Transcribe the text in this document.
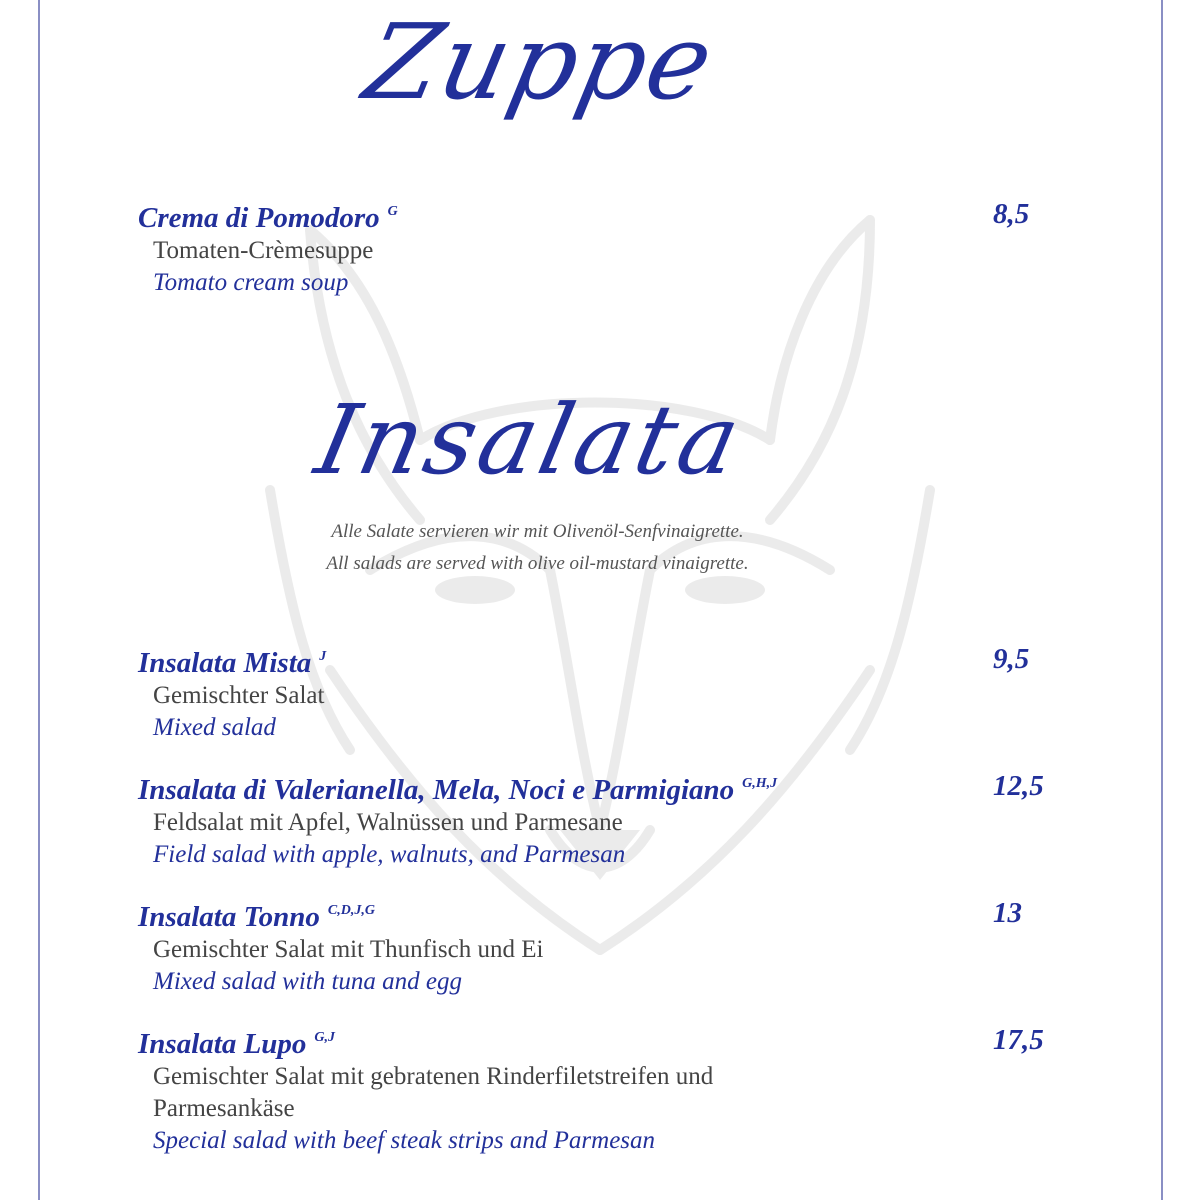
Zuppe
Crema di Pomodoro $^G$
Tomaten-Crèmesuppe
Tomato cream soup
8,5
Insalata
Alle Salate servieren wir mit Olivenöl-Senfvinaigrette.
All salads are served with olive oil-mustard vinaigrette.
Insalata Mista $^J$
Gemischter Salat
Mixed salad
9,5
Insalata di Valerianella, Mela, Noci e Parmigiano $^{G,H,J}$
Feldsalat mit Apfel, Walnüssen und Parmesane
Field salad with apple, walnuts, and Parmesan
12,5
Insalata Tonno $^{C,D,J,G}$
Gemischter Salat mit Thunfisch und Ei
Mixed salad with tuna and egg
13
Insalata Lupo $^{G,J}$
Gemischter Salat mit gebratenen Rinderfiletstreifen und
Parmesankäse
Special salad with beef steak strips and Parmesan
17,5
